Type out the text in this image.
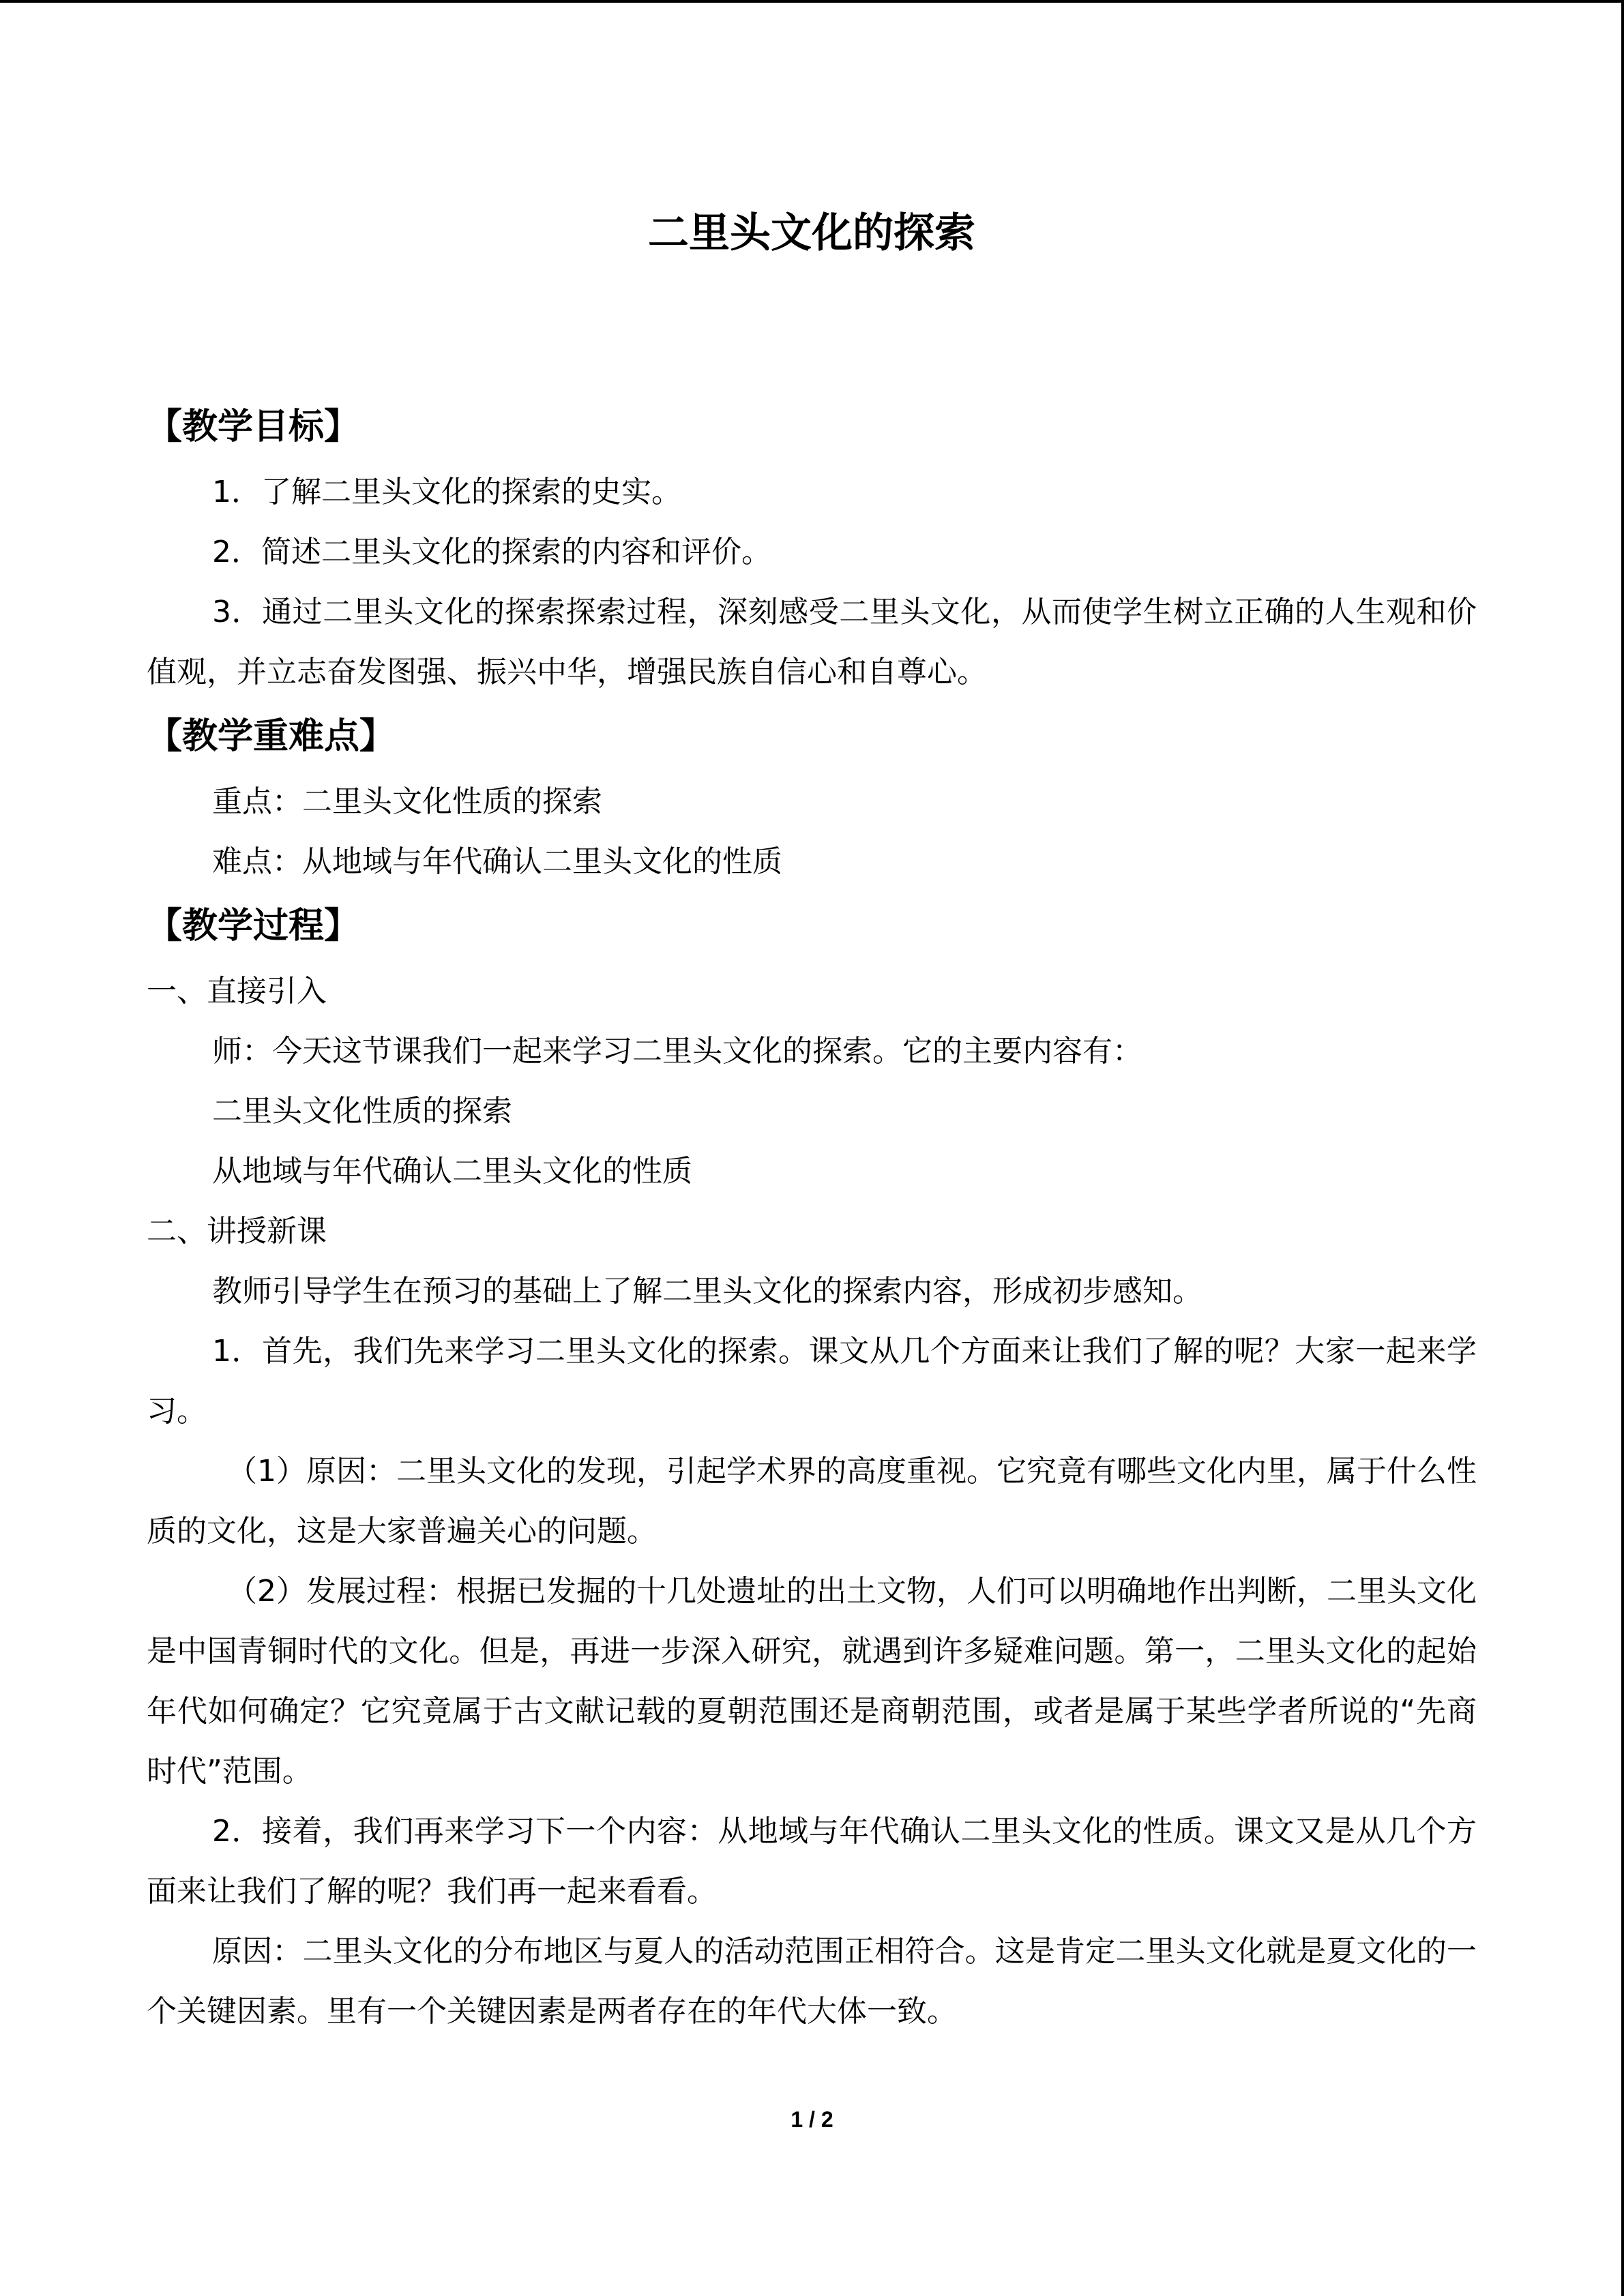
二里头文化的探索
【教学目标】

1．了解二里头文化的探索的史实。

2．简述二里头文化的探索的内容和评价。

3．通过二里头文化的探索探索过程，深刻感受二里头文化，从而使学生树立正确的人生观和价值观，并立志奋发图强、振兴中华，增强民族自信心和自尊心。

【教学重难点】

重点：二里头文化性质的探索

难点：从地域与年代确认二里头文化的性质

【教学过程】

一、直接引入

师：今天这节课我们一起来学习二里头文化的探索。它的主要内容有：

二里头文化性质的探索

从地域与年代确认二里头文化的性质

二、讲授新课

教师引导学生在预习的基础上了解二里头文化的探索内容，形成初步感知。

1．首先，我们先来学习二里头文化的探索。课文从几个方面来让我们了解的呢？大家一起来学习。

（1）原因：二里头文化的发现，引起学术界的高度重视。它究竟有哪些文化内里，属于什么性质的文化，这是大家普遍关心的问题。

（2）发展过程：根据已发掘的十几处遗址的出土文物，人们可以明确地作出判断，二里头文化是中国青铜时代的文化。但是，再进一步深入研究，就遇到许多疑难问题。第一，二里头文化的起始年代如何确定？它究竟属于古文献记载的夏朝范围还是商朝范围，或者是属于某些学者所说的“先商时代”范围。

2．接着，我们再来学习下一个内容：从地域与年代确认二里头文化的性质。课文又是从几个方面来让我们了解的呢？我们再一起来看看。

原因：二里头文化的分布地区与夏人的活动范围正相符合。这是肯定二里头文化就是夏文化的一个关键因素。里有一个关键因素是两者存在的年代大体一致。

1 / 2
